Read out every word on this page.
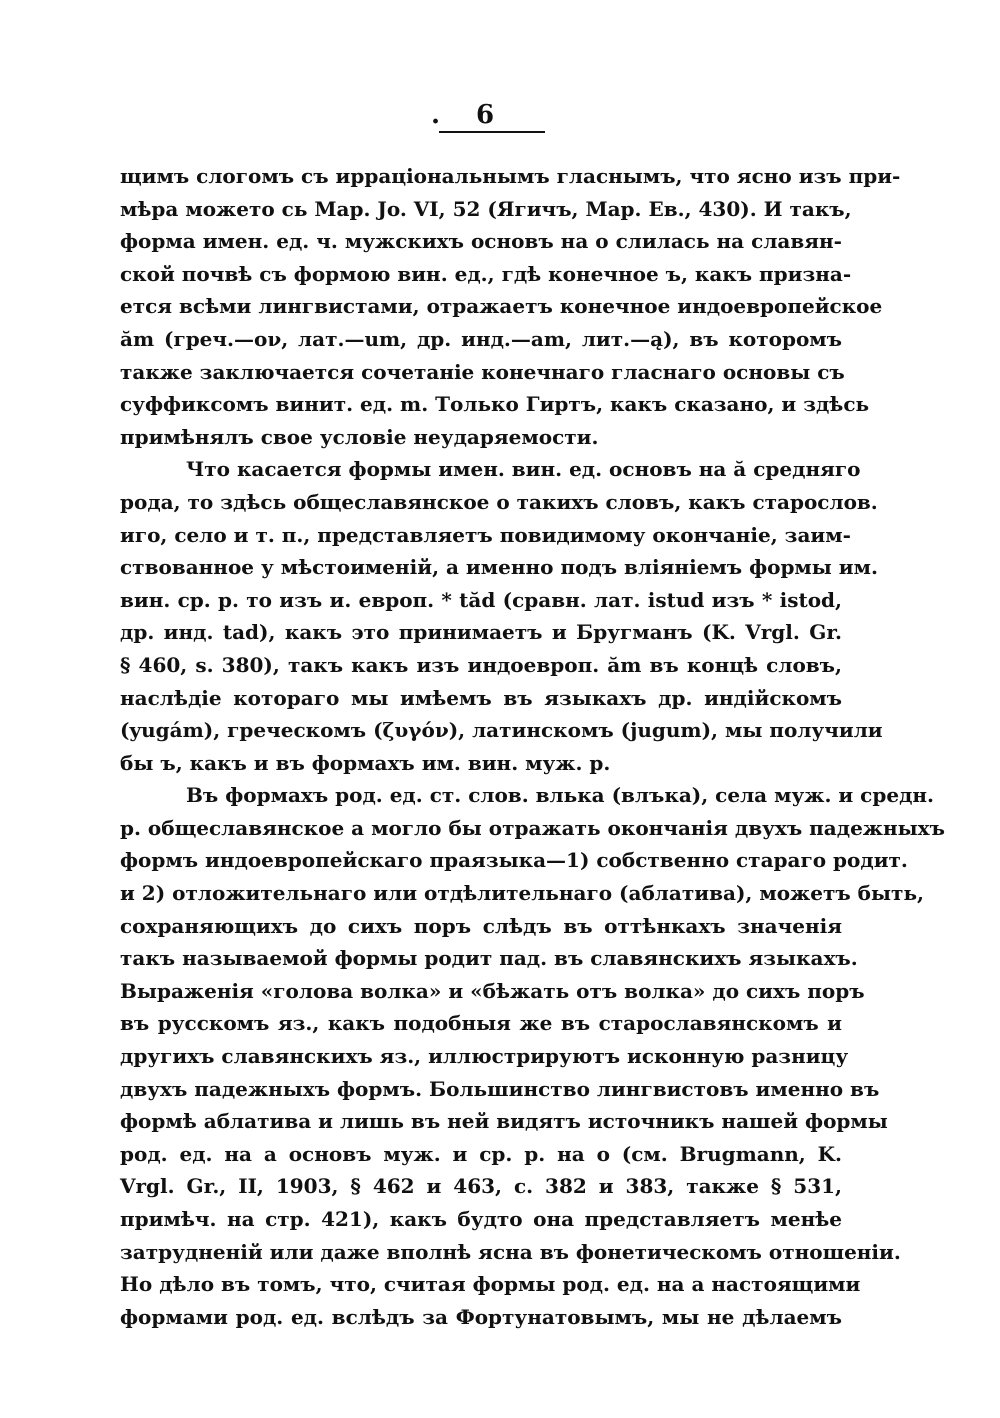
. 6
щимъ слогомъ съ ирраціональнымъ гласнымъ, что ясно изъ при-
мѣра можето сь Мар. Jo. VI, 52 (Ягичъ, Мар. Ев., 430). И такъ,
форма имен. ед. ч. мужскихъ основъ на о слилась на славян-
ской почвѣ съ формою вин. ед., гдѣ конечное ъ, какъ призна-
ется всѣми лингвистами, отражаетъ конечное индоевропейское
ăm (греч.—ον, лат.—um, др. инд.—am, лит.—ą), въ которомъ
также заключается сочетаніе конечнаго гласнаго основы съ
суффиксомъ винит. ед. m. Только Гиртъ, какъ сказано, и здѣсь
примѣнялъ свое условіе неударяемости.
Что касается формы имен. вин. ед. основъ на ă средняго
рода, то здѣсь общеславянское о такихъ словъ, какъ старослов.
иго, село и т. п., представляетъ повидимому окончаніе, заим-
ствованное у мѣстоименій, а именно подъ вліяніемъ формы им.
вин. ср. р. то изъ и. европ. * tăd (сравн. лат. istud изъ * istod,
др. инд. tad), какъ это принимаетъ и Бругманъ (K. Vrgl. Gr.
§ 460, s. 380), такъ какъ изъ индоевроп. ăm въ концѣ словъ,
наслѣдіе котораго мы имѣемъ въ языкахъ др. индійскомъ
(yugám), греческомъ (ζυγόν), латинскомъ (jugum), мы получили
бы ъ, какъ и въ формахъ им. вин. муж. р.
Въ формахъ род. ед. ст. слов. влька (влъка), села муж. и средн.
р. общеславянское а могло бы отражать окончанія двухъ падежныхъ
формъ индоевропейскаго праязыка—1) собственно стараго родит.
и 2) отложительнаго или отдѣлительнаго (аблатива), можетъ быть,
сохраняющихъ до сихъ поръ слѣдъ въ оттѣнкахъ значенія
такъ называемой формы родит пад. въ славянскихъ языкахъ.
Выраженія «голова волка» и «бѣжать отъ волка» до сихъ поръ
въ русскомъ яз., какъ подобныя же въ старославянскомъ и
другихъ славянскихъ яз., иллюстрируютъ исконную разницу
двухъ падежныхъ формъ. Большинство лингвистовъ именно въ
формѣ аблатива и лишь въ ней видятъ источникъ нашей формы
род. ед. на а основъ муж. и ср. р. на о (см. Brugmann, K.
Vrgl. Gr., II, 1903, § 462 и 463, с. 382 и 383, также § 531,
примѣч. на стр. 421), какъ будто она представляетъ менѣе
затрудненій или даже вполнѣ ясна въ фонетическомъ отношеніи.
Но дѣло въ томъ, что, считая формы род. ед. на а настоящими
формами род. ед. вслѣдъ за Фортунатовымъ, мы не дѣлаемъ
